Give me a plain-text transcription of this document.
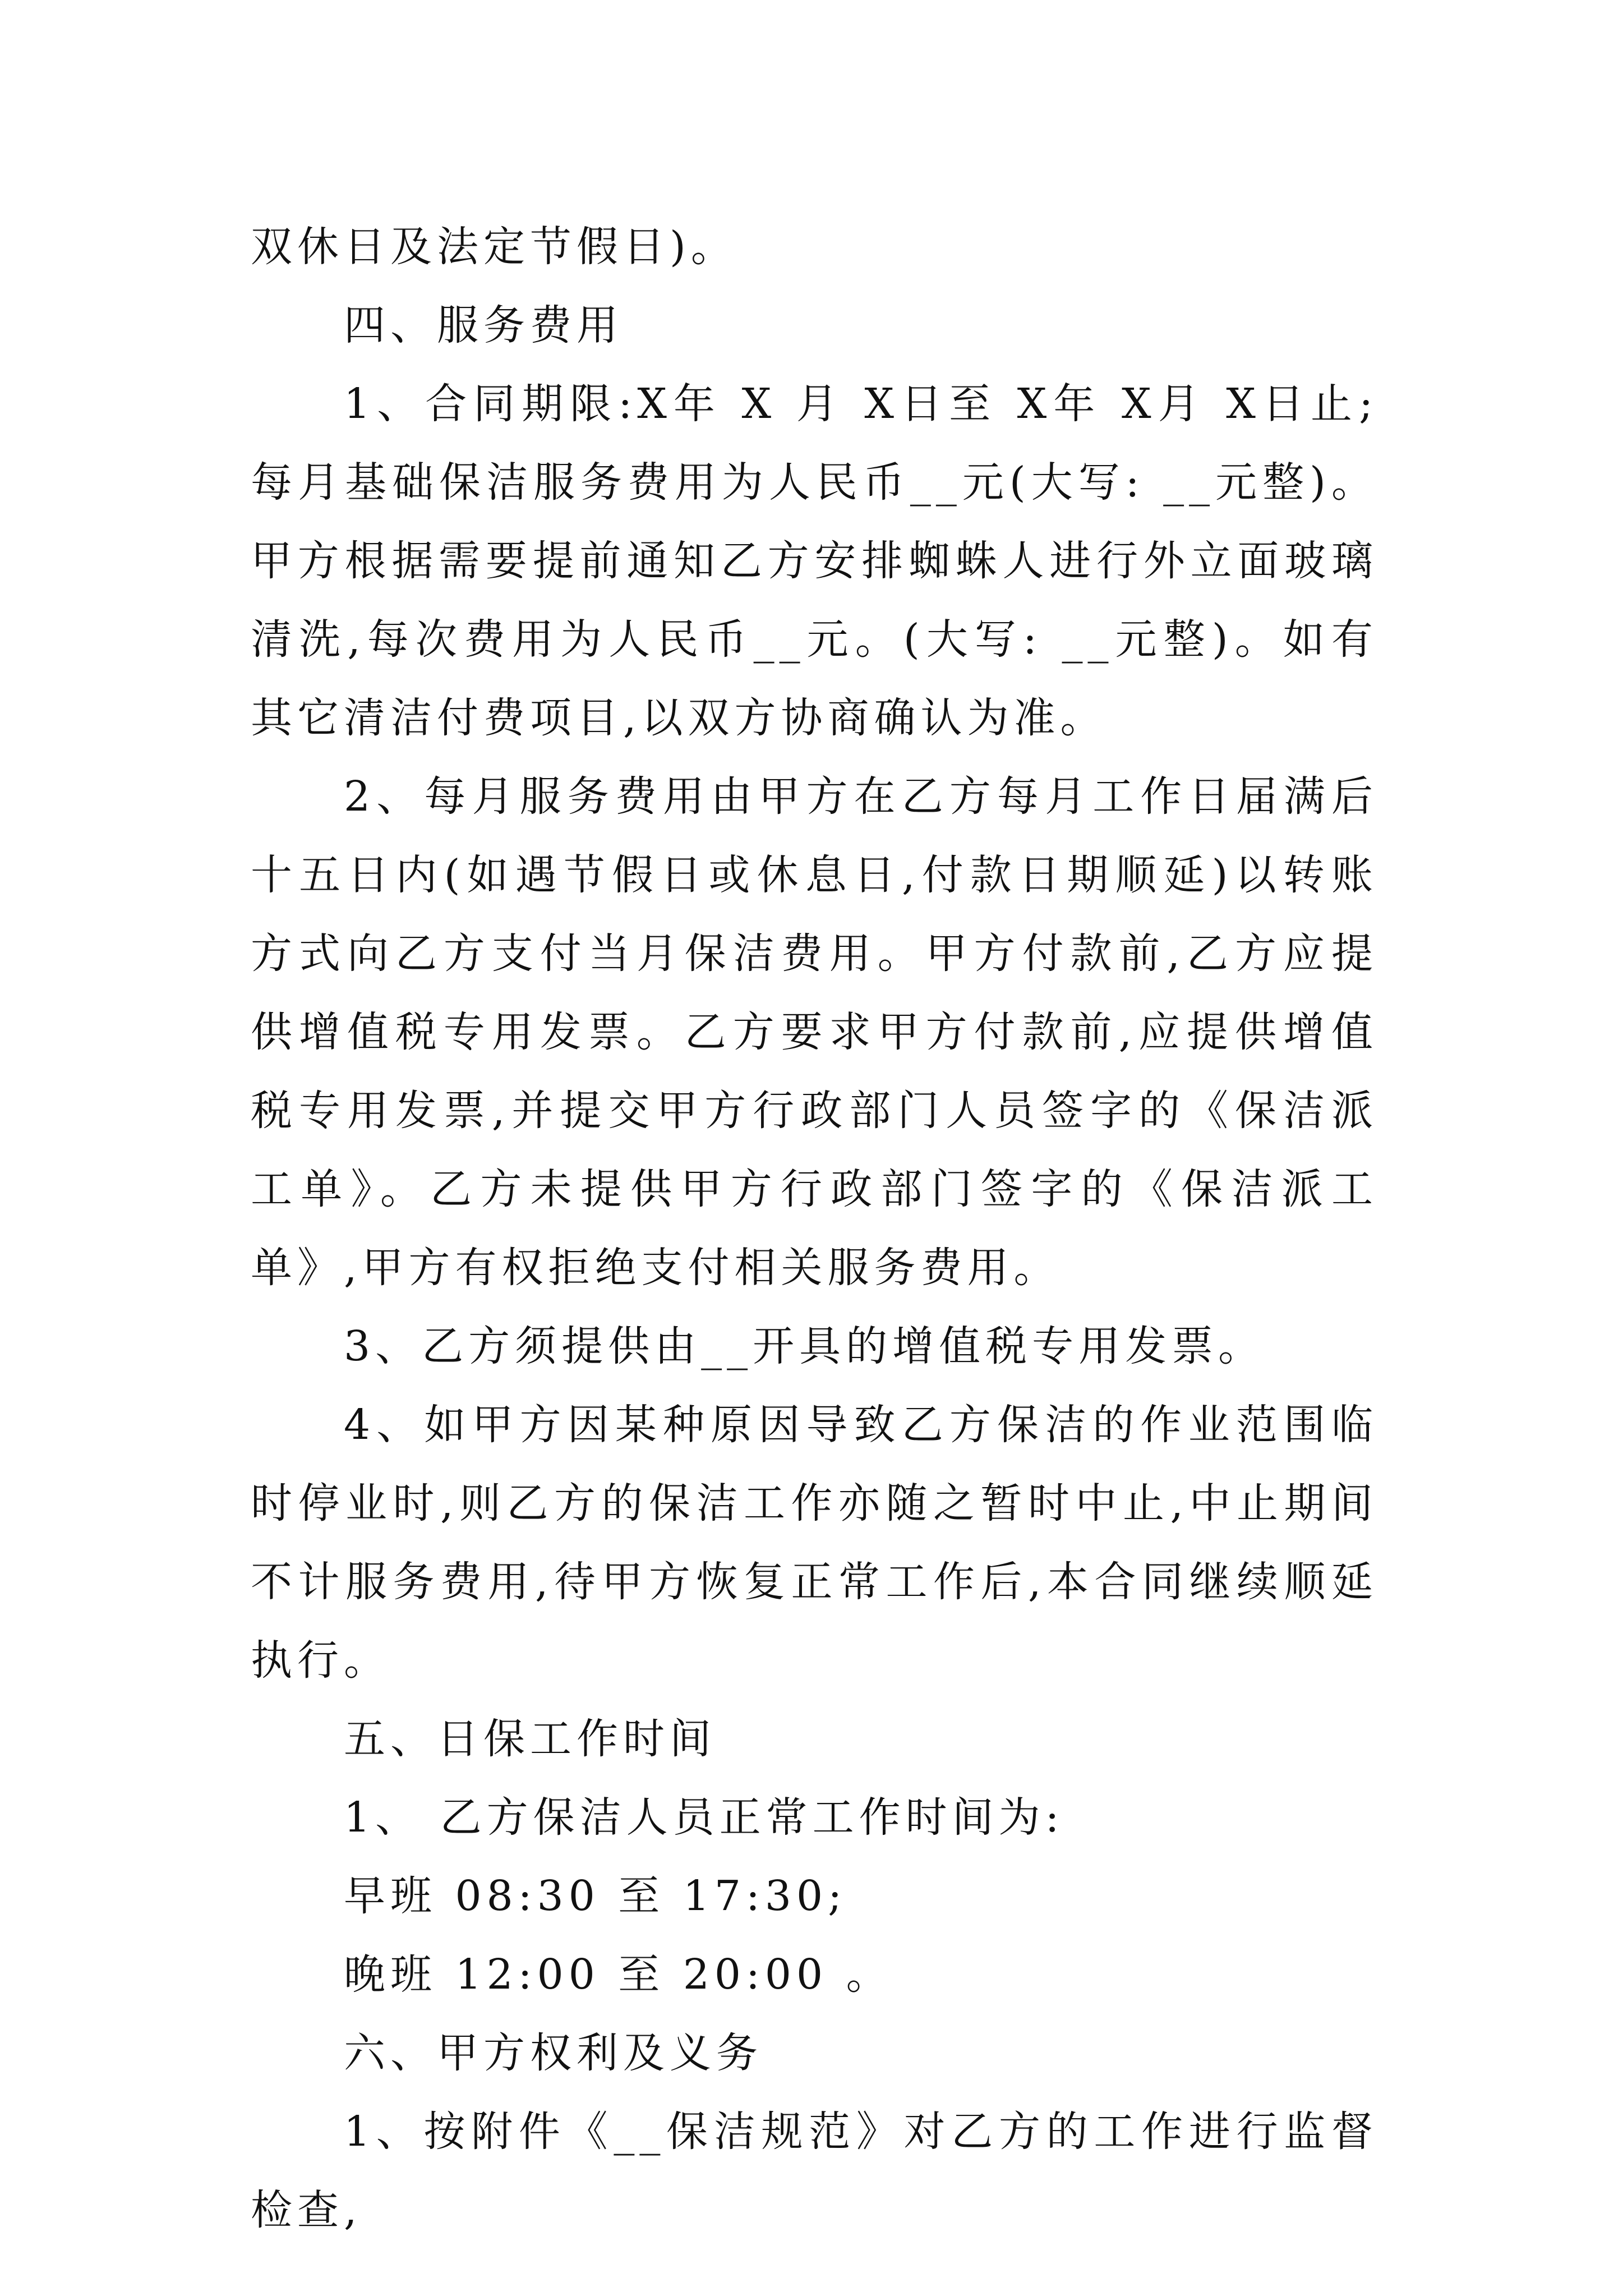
双休日及法定节假日)。

四、服务费用

1、合同期限:X年 X 月 X日至 X年 X月 X日止;每月基础保洁服务费用为人民币__元(大写: __元整)。甲方根据需要提前通知乙方安排蜘蛛人进行外立面玻璃清洗,每次费用为人民币__元。(大写: __元整)。如有其它清洁付费项目,以双方协商确认为准。

2、每月服务费用由甲方在乙方每月工作日届满后 十五日内(如遇节假日或休息日,付款日期顺延)以转账方式向乙方支付当月保洁费用。甲方付款前,乙方应提供增值税专用发票。乙方要求甲方付款前,应提供增值税专用发票,并提交甲方行政部门人员签字的《保洁派工单》。乙方未提供甲方行政部门签字的《保洁派工单》,甲方有权拒绝支付相关服务费用。

3、乙方须提供由__开具的增值税专用发票。

4、如甲方因某种原因导致乙方保洁的作业范围临时停业时,则乙方的保洁工作亦随之暂时中止,中止期间不计服务费用,待甲方恢复正常工作后,本合同继续顺延执行。

五、日保工作时间

1、 乙方保洁人员正常工作时间为:

早班 08:30 至 17:30;

晚班 12:00 至 20:00 。

六、甲方权利及义务

1、按附件《__保洁规范》对乙方的工作进行监督检查,
